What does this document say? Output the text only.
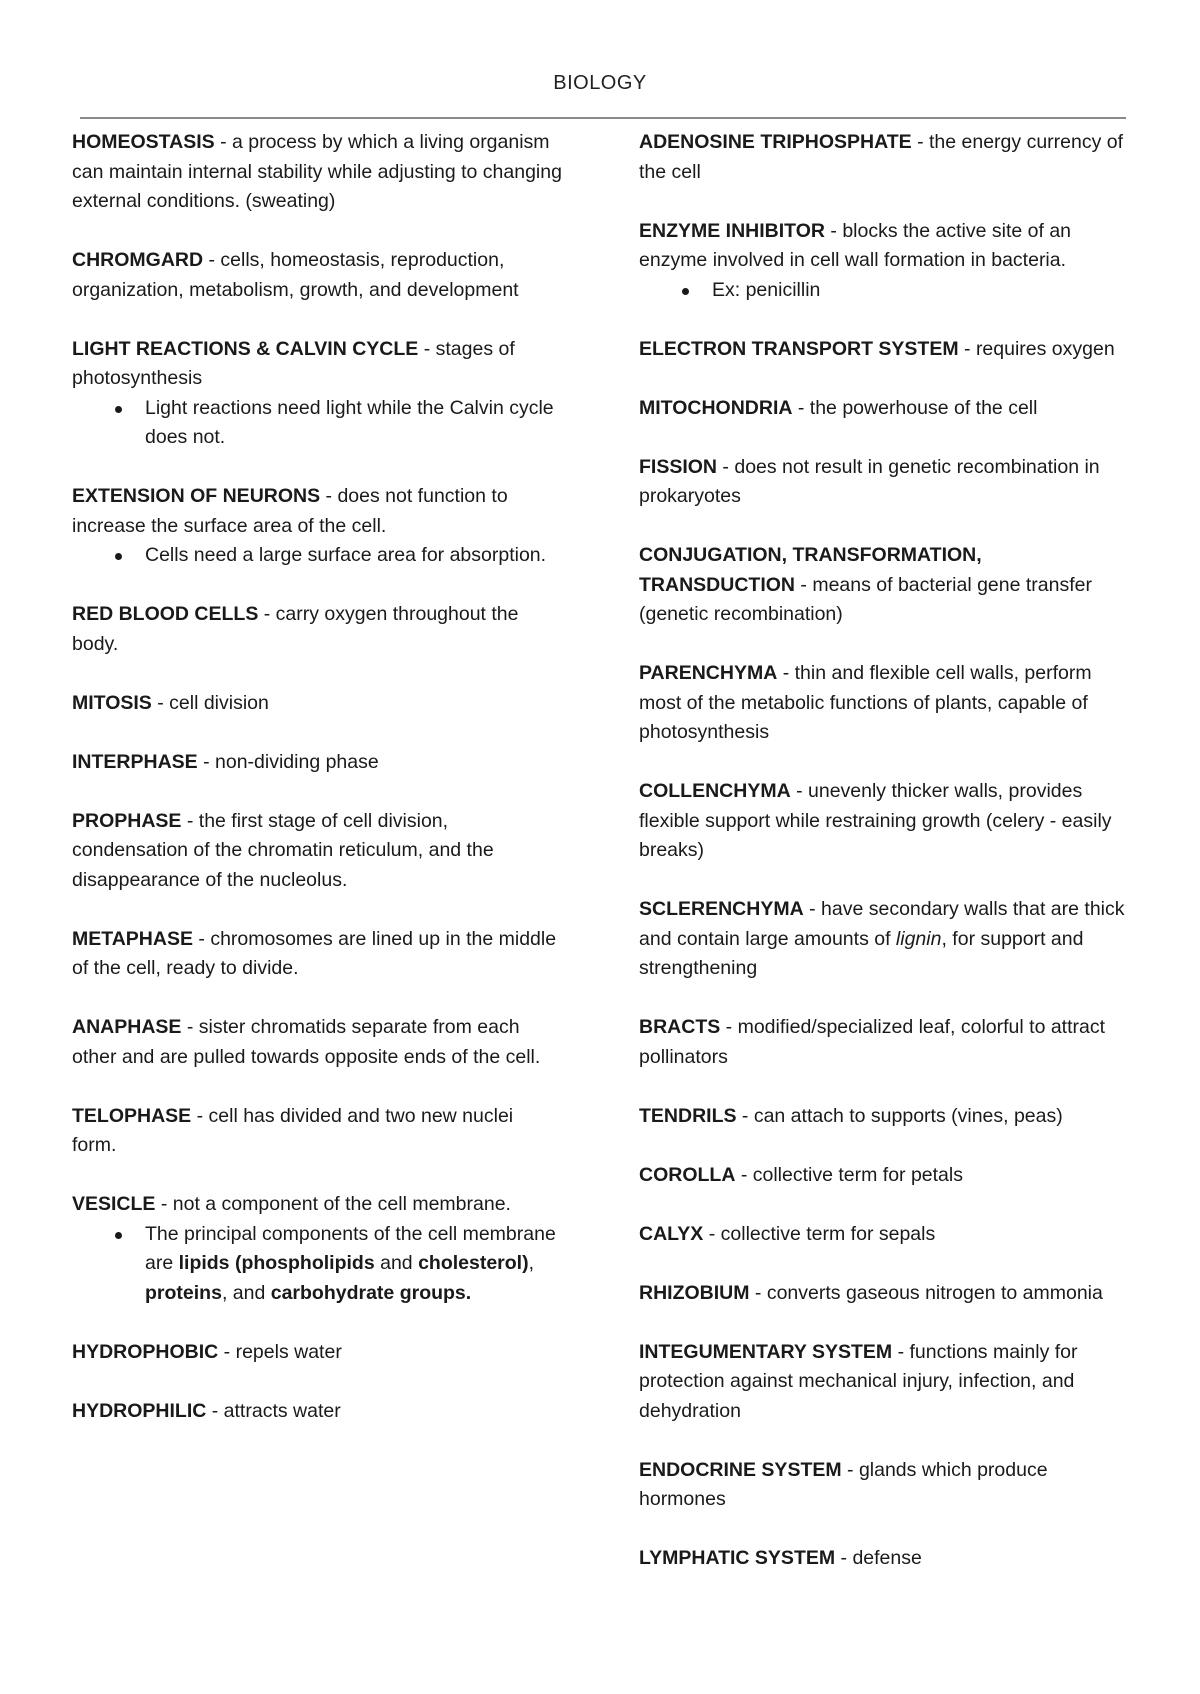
BIOLOGY
HOMEOSTASIS - a process by which a living organism can maintain internal stability while adjusting to changing external conditions. (sweating)
CHROMGARD - cells, homeostasis, reproduction, organization, metabolism, growth, and development
LIGHT REACTIONS & CALVIN CYCLE - stages of photosynthesis
Light reactions need light while the Calvin cycle does not.
EXTENSION OF NEURONS - does not function to increase the surface area of the cell.
Cells need a large surface area for absorption.
RED BLOOD CELLS - carry oxygen throughout the body.
MITOSIS - cell division
INTERPHASE - non-dividing phase
PROPHASE - the first stage of cell division, condensation of the chromatin reticulum, and the disappearance of the nucleolus.
METAPHASE - chromosomes are lined up in the middle of the cell, ready to divide.
ANAPHASE - sister chromatids separate from each other and are pulled towards opposite ends of the cell.
TELOPHASE - cell has divided and two new nuclei form.
VESICLE - not a component of the cell membrane.
The principal components of the cell membrane are lipids (phospholipids and cholesterol), proteins, and carbohydrate groups.
HYDROPHOBIC - repels water
HYDROPHILIC - attracts water
ADENOSINE TRIPHOSPHATE - the energy currency of the cell
ENZYME INHIBITOR - blocks the active site of an enzyme involved in cell wall formation in bacteria.
Ex: penicillin
ELECTRON TRANSPORT SYSTEM - requires oxygen
MITOCHONDRIA - the powerhouse of the cell
FISSION - does not result in genetic recombination in prokaryotes
CONJUGATION, TRANSFORMATION, TRANSDUCTION - means of bacterial gene transfer (genetic recombination)
PARENCHYMA - thin and flexible cell walls, perform most of the metabolic functions of plants, capable of photosynthesis
COLLENCHYMA - unevenly thicker walls, provides flexible support while restraining growth (celery - easily breaks)
SCLERENCHYMA - have secondary walls that are thick and contain large amounts of lignin, for support and strengthening
BRACTS - modified/specialized leaf, colorful to attract pollinators
TENDRILS - can attach to supports (vines, peas)
COROLLA - collective term for petals
CALYX - collective term for sepals
RHIZOBIUM - converts gaseous nitrogen to ammonia
INTEGUMENTARY SYSTEM - functions mainly for protection against mechanical injury, infection, and dehydration
ENDOCRINE SYSTEM - glands which produce hormones
LYMPHATIC SYSTEM - defense
